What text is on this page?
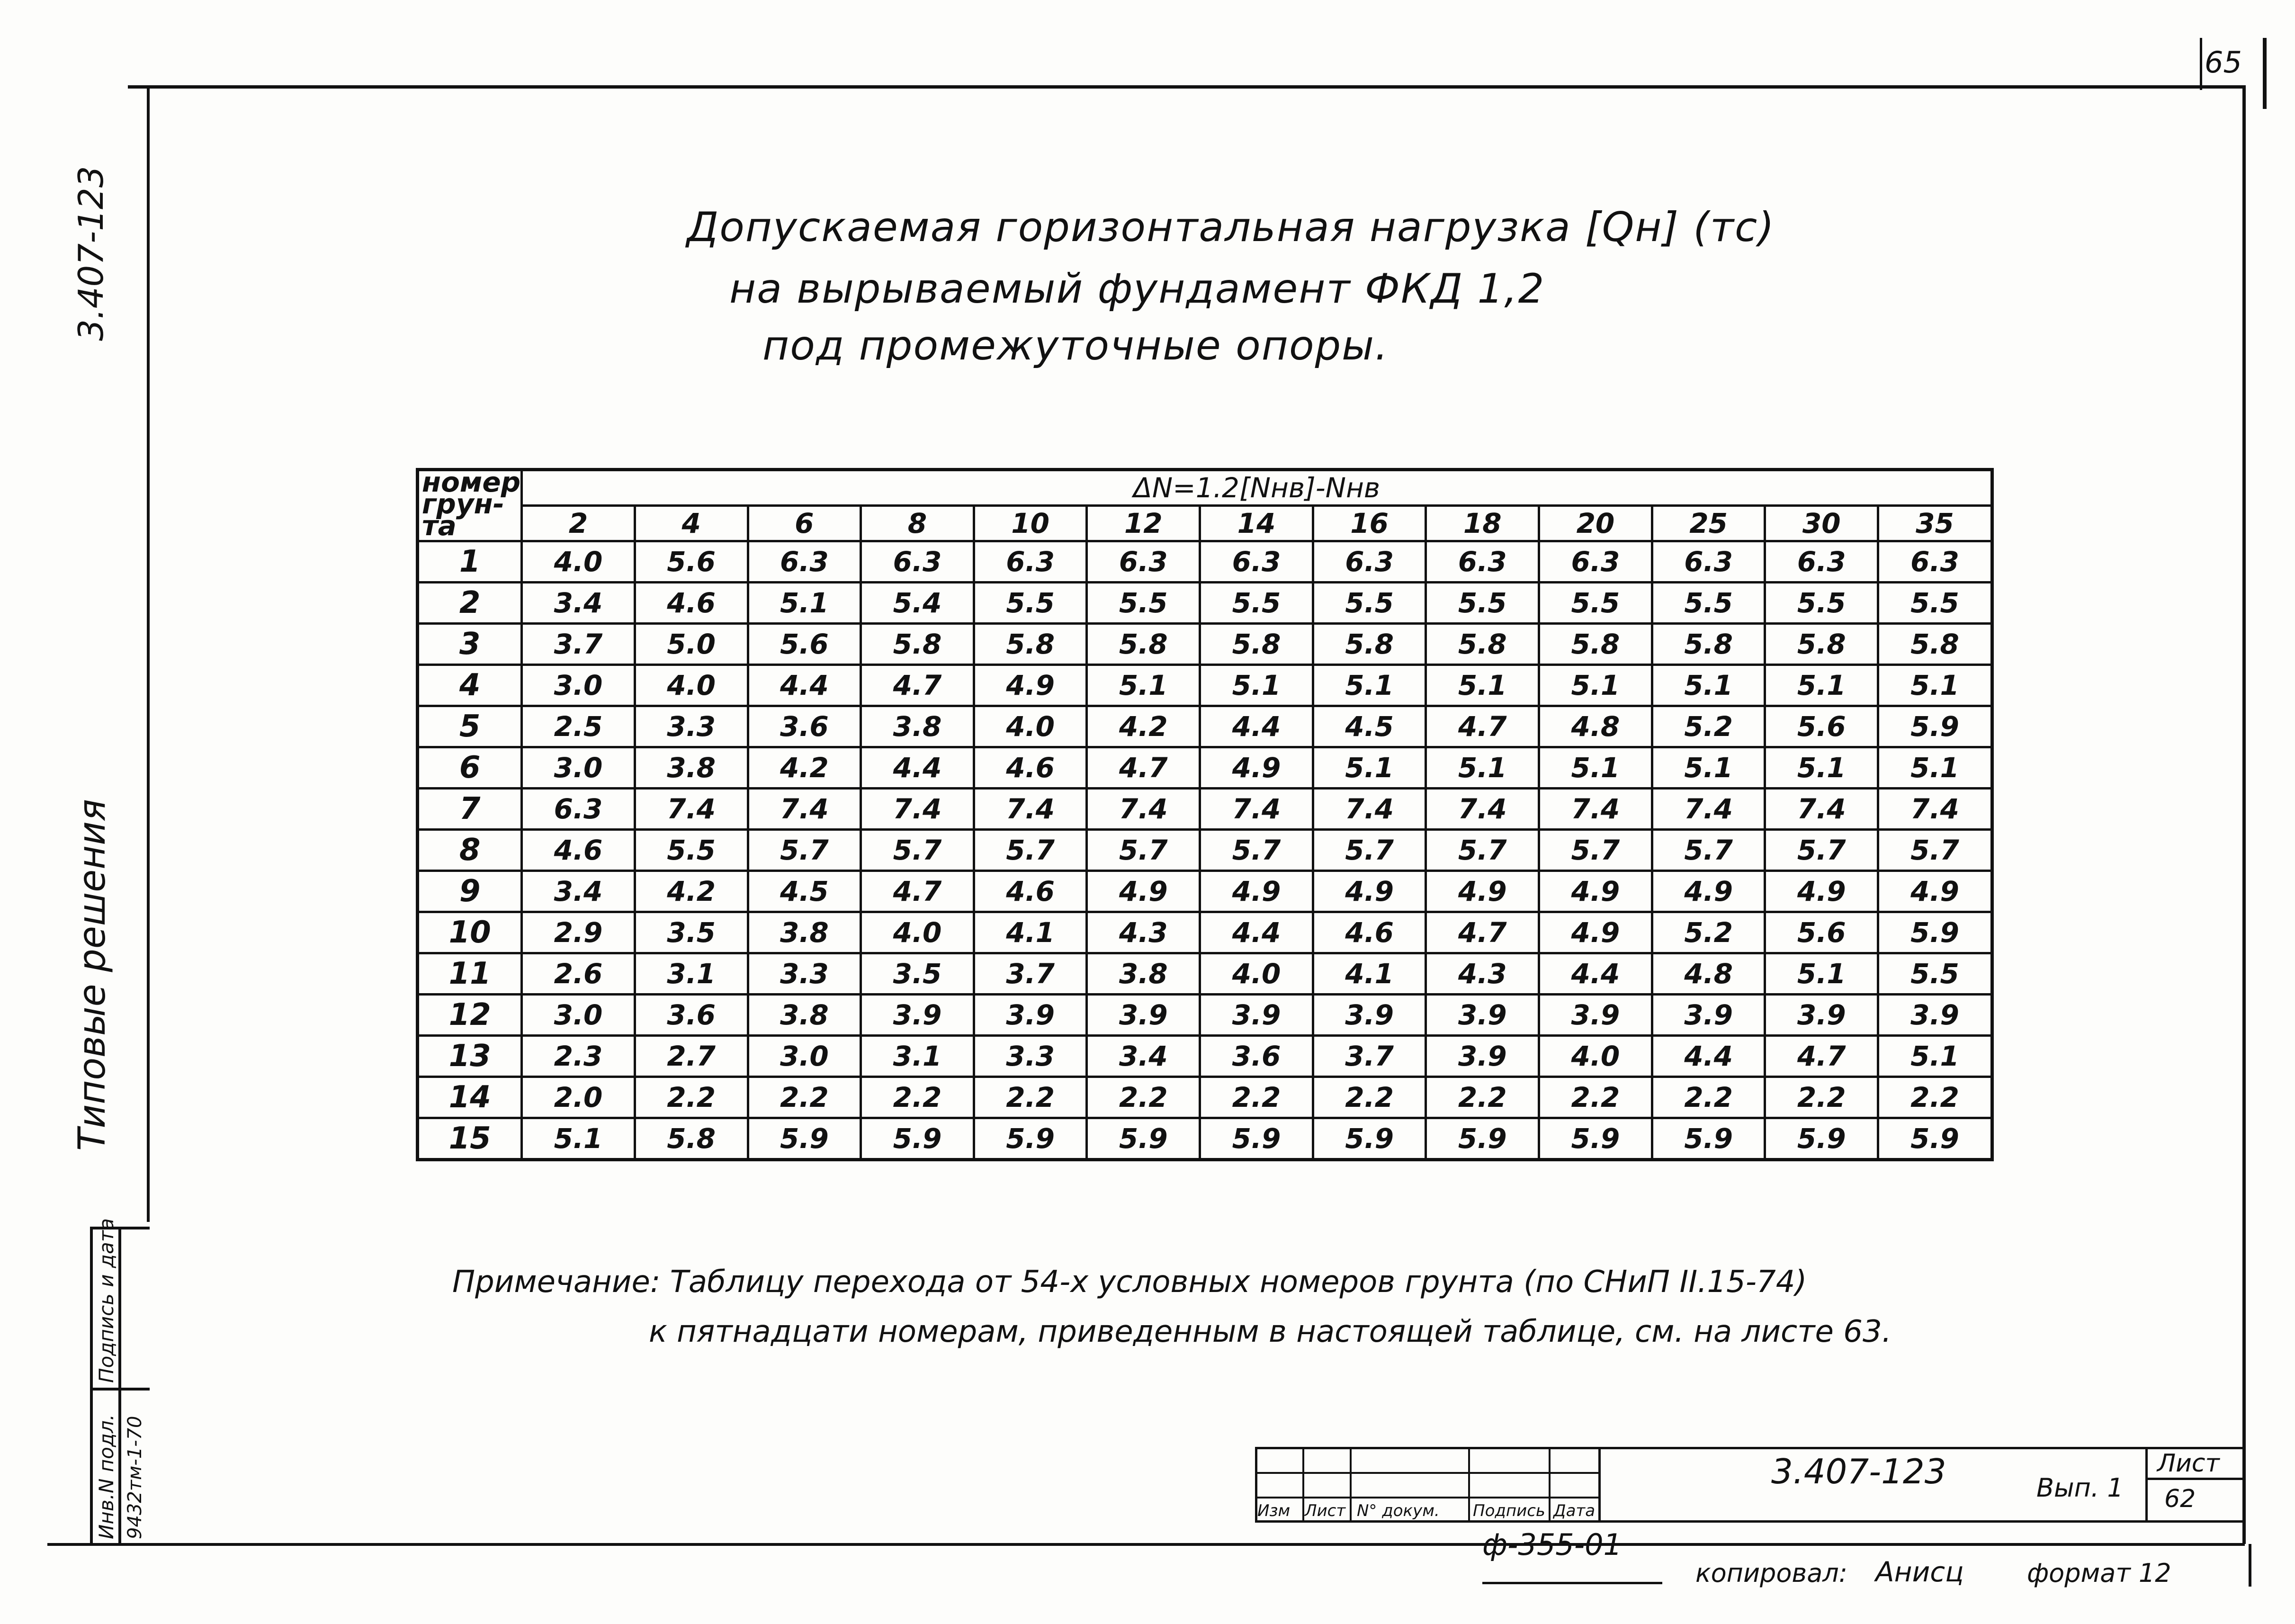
65
3.407-123
Типовые решения
Подпись и дата
Инв.N подл. 9432тм-1-70
Допускаемая горизонтальная нагрузка [Qн] (тс)
на вырываемый фундамент ФКД 1,2
под промежуточные опоры.
номер грун- та	ΔN=1.2[Nнв]-Nнв												
	2	4	6	8	10	12	14	16	18	20	25	30	35
1	4.0	5.6	6.3	6.3	6.3	6.3	6.3	6.3	6.3	6.3	6.3	6.3	6.3
2	3.4	4.6	5.1	5.4	5.5	5.5	5.5	5.5	5.5	5.5	5.5	5.5	5.5
3	3.7	5.0	5.6	5.8	5.8	5.8	5.8	5.8	5.8	5.8	5.8	5.8	5.8
4	3.0	4.0	4.4	4.7	4.9	5.1	5.1	5.1	5.1	5.1	5.1	5.1	5.1
5	2.5	3.3	3.6	3.8	4.0	4.2	4.4	4.5	4.7	4.8	5.2	5.6	5.9
6	3.0	3.8	4.2	4.4	4.6	4.7	4.9	5.1	5.1	5.1	5.1	5.1	5.1
7	6.3	7.4	7.4	7.4	7.4	7.4	7.4	7.4	7.4	7.4	7.4	7.4	7.4
8	4.6	5.5	5.7	5.7	5.7	5.7	5.7	5.7	5.7	5.7	5.7	5.7	5.7
9	3.4	4.2	4.5	4.7	4.6	4.9	4.9	4.9	4.9	4.9	4.9	4.9	4.9
10	2.9	3.5	3.8	4.0	4.1	4.3	4.4	4.6	4.7	4.9	5.2	5.6	5.9
11	2.6	3.1	3.3	3.5	3.7	3.8	4.0	4.1	4.3	4.4	4.8	5.1	5.5
12	3.0	3.6	3.8	3.9	3.9	3.9	3.9	3.9	3.9	3.9	3.9	3.9	3.9
13	2.3	2.7	3.0	3.1	3.3	3.4	3.6	3.7	3.9	4.0	4.4	4.7	5.1
14	2.0	2.2	2.2	2.2	2.2	2.2	2.2	2.2	2.2	2.2	2.2	2.2	2.2
15	5.1	5.8	5.9	5.9	5.9	5.9	5.9	5.9	5.9	5.9	5.9	5.9	5.9
Примечание: Таблицу перехода от 54-х условных номеров грунта (по СНиП II.15-74)
к пятнадцати номерам, приведенным в настоящей таблице, см. на листе 63.
Изм Лист N° докум. Подпись Дата
3.407-123	Вып. 1
Лист
62
ф-355-01
копировал: Анисц формат 12
